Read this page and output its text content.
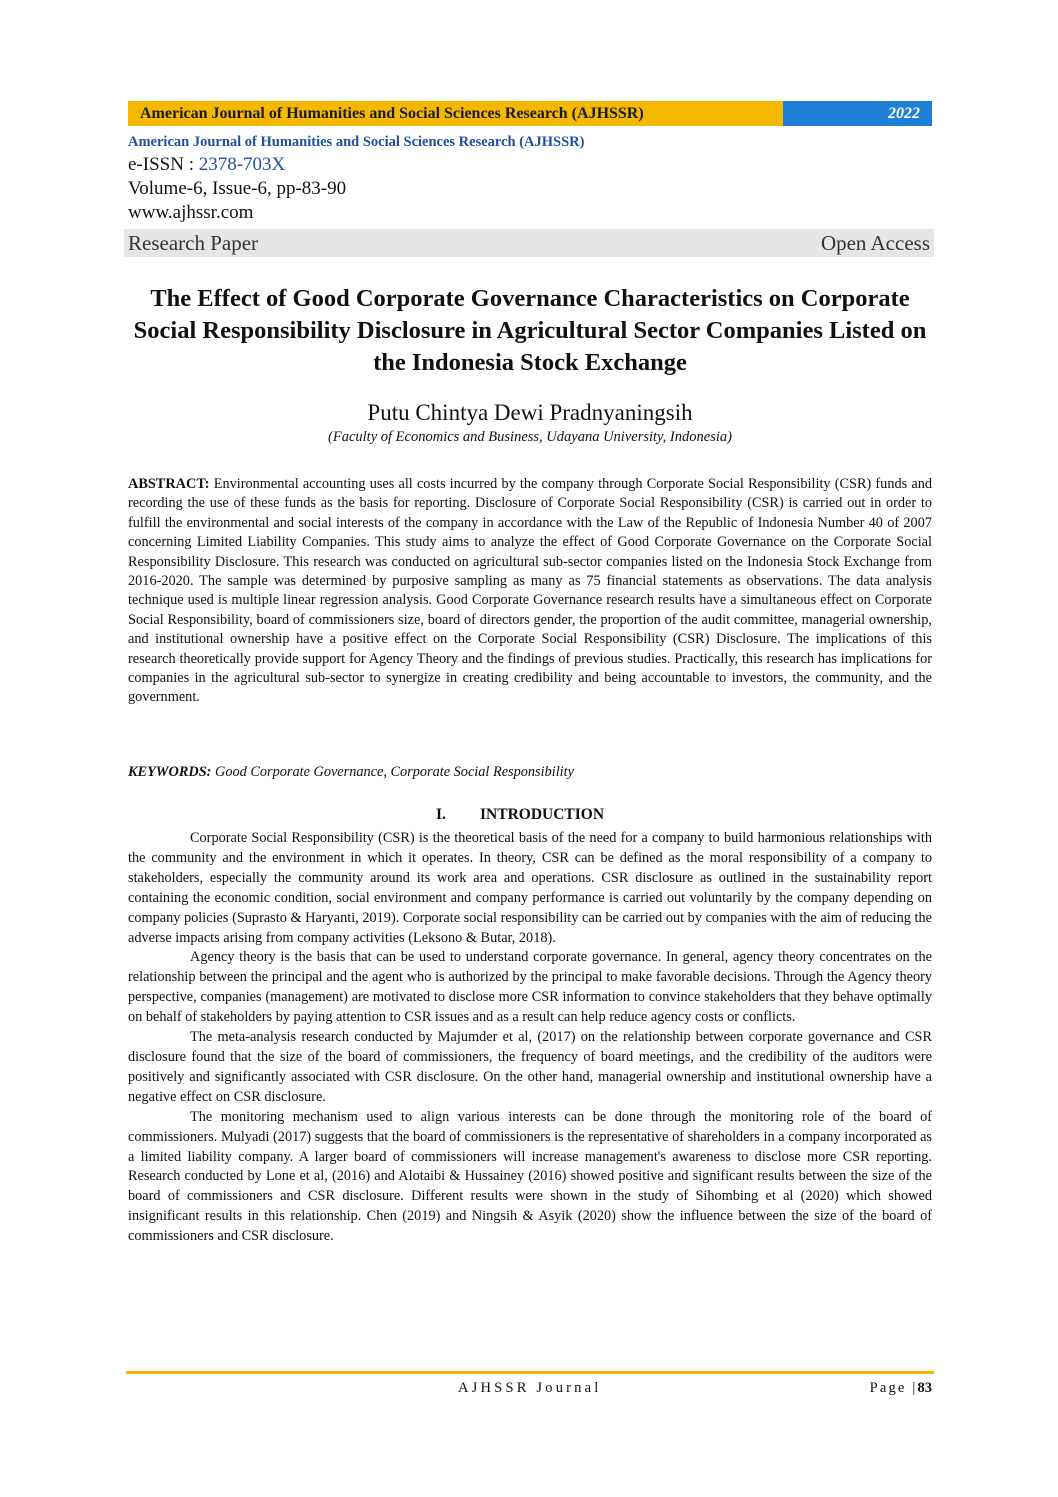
American Journal of Humanities and Social Sciences Research (AJHSSR)	2022
American Journal of Humanities and Social Sciences Research (AJHSSR)
e-ISSN : 2378-703X
Volume-6, Issue-6, pp-83-90
www.ajhssr.com
Research Paper	Open Access
The Effect of Good Corporate Governance Characteristics on Corporate Social Responsibility Disclosure in Agricultural Sector Companies Listed on the Indonesia Stock Exchange
Putu Chintya Dewi Pradnyaningsih
(Faculty of Economics and Business, Udayana University, Indonesia)
ABSTRACT: Environmental accounting uses all costs incurred by the company through Corporate Social Responsibility (CSR) funds and recording the use of these funds as the basis for reporting. Disclosure of Corporate Social Responsibility (CSR) is carried out in order to fulfill the environmental and social interests of the company in accordance with the Law of the Republic of Indonesia Number 40 of 2007 concerning Limited Liability Companies. This study aims to analyze the effect of Good Corporate Governance on the Corporate Social Responsibility Disclosure. This research was conducted on agricultural sub-sector companies listed on the Indonesia Stock Exchange from 2016-2020. The sample was determined by purposive sampling as many as 75 financial statements as observations. The data analysis technique used is multiple linear regression analysis. Good Corporate Governance research results have a simultaneous effect on Corporate Social Responsibility, board of commissioners size, board of directors gender, the proportion of the audit committee, managerial ownership, and institutional ownership have a positive effect on the Corporate Social Responsibility (CSR) Disclosure. The implications of this research theoretically provide support for Agency Theory and the findings of previous studies. Practically, this research has implications for companies in the agricultural sub-sector to synergize in creating credibility and being accountable to investors, the community, and the government.
KEYWORDS: Good Corporate Governance, Corporate Social Responsibility
I. INTRODUCTION

Corporate Social Responsibility (CSR) is the theoretical basis of the need for a company to build harmonious relationships with the community and the environment in which it operates. In theory, CSR can be defined as the moral responsibility of a company to stakeholders, especially the community around its work area and operations. CSR disclosure as outlined in the sustainability report containing the economic condition, social environment and company performance is carried out voluntarily by the company depending on company policies (Suprasto & Haryanti, 2019). Corporate social responsibility can be carried out by companies with the aim of reducing the adverse impacts arising from company activities (Leksono & Butar, 2018).

Agency theory is the basis that can be used to understand corporate governance. In general, agency theory concentrates on the relationship between the principal and the agent who is authorized by the principal to make favorable decisions. Through the Agency theory perspective, companies (management) are motivated to disclose more CSR information to convince stakeholders that they behave optimally on behalf of stakeholders by paying attention to CSR issues and as a result can help reduce agency costs or conflicts.

The meta-analysis research conducted by Majumder et al, (2017) on the relationship between corporate governance and CSR disclosure found that the size of the board of commissioners, the frequency of board meetings, and the credibility of the auditors were positively and significantly associated with CSR disclosure. On the other hand, managerial ownership and institutional ownership have a negative effect on CSR disclosure.

The monitoring mechanism used to align various interests can be done through the monitoring role of the board of commissioners. Mulyadi (2017) suggests that the board of commissioners is the representative of shareholders in a company incorporated as a limited liability company. A larger board of commissioners will increase management's awareness to disclose more CSR reporting. Research conducted by Lone et al, (2016) and Alotaibi & Hussainey (2016) showed positive and significant results between the size of the board of commissioners and CSR disclosure. Different results were shown in the study of Sihombing et al (2020) which showed insignificant results in this relationship. Chen (2019) and Ningsih & Asyik (2020) show the influence between the size of the board of commissioners and CSR disclosure.

AJHSSR Journal	Page |83
